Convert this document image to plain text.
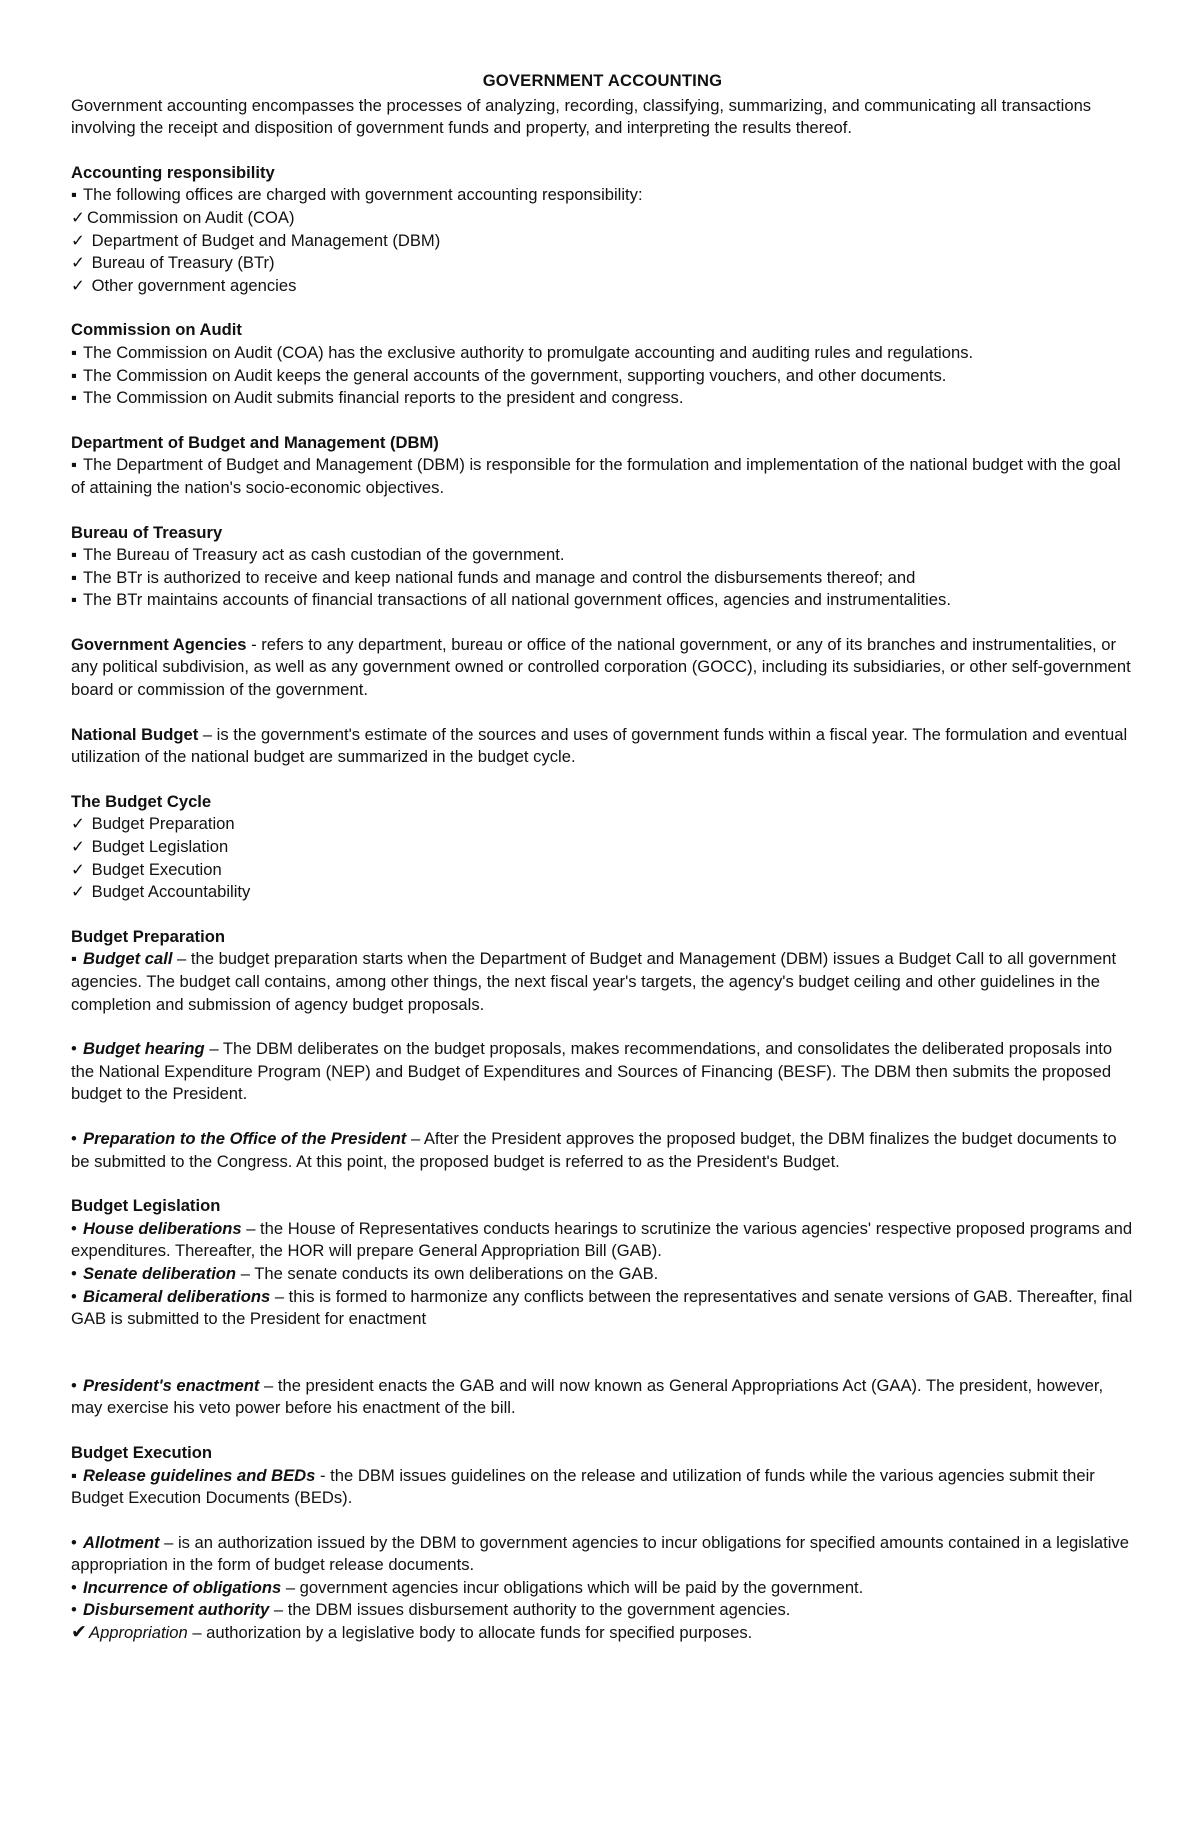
GOVERNMENT ACCOUNTING

Government accounting encompasses the processes of analyzing, recording, classifying, summarizing, and communicating all transactions involving the receipt and disposition of government funds and property, and interpreting the results thereof.

Accounting responsibility

▪ The following offices are charged with government accounting responsibility:

✓ Commission on Audit (COA)

✓ Department of Budget and Management (DBM)

✓ Bureau of Treasury (BTr)

✓ Other government agencies

Commission on Audit

▪ The Commission on Audit (COA) has the exclusive authority to promulgate accounting and auditing rules and regulations.

▪ The Commission on Audit keeps the general accounts of the government, supporting vouchers, and other documents.

▪ The Commission on Audit submits financial reports to the president and congress.

Department of Budget and Management (DBM)

▪ The Department of Budget and Management (DBM) is responsible for the formulation and implementation of the national budget with the goal of attaining the nation's socio-economic objectives.

Bureau of Treasury

▪ The Bureau of Treasury act as cash custodian of the government.

▪ The BTr is authorized to receive and keep national funds and manage and control the disbursements thereof; and

▪ The BTr maintains accounts of financial transactions of all national government offices, agencies and instrumentalities.

Government Agencies - refers to any department, bureau or office of the national government, or any of its branches and instrumentalities, or any political subdivision, as well as any government owned or controlled corporation (GOCC), including its subsidiaries, or other self-government board or commission of the government.

National Budget – is the government's estimate of the sources and uses of government funds within a fiscal year. The formulation and eventual utilization of the national budget are summarized in the budget cycle.

The Budget Cycle

✓ Budget Preparation

✓ Budget Legislation

✓ Budget Execution

✓ Budget Accountability

Budget Preparation

▪ Budget call – the budget preparation starts when the Department of Budget and Management (DBM) issues a Budget Call to all government agencies. The budget call contains, among other things, the next fiscal year's targets, the agency's budget ceiling and other guidelines in the completion and submission of agency budget proposals.

• Budget hearing – The DBM deliberates on the budget proposals, makes recommendations, and consolidates the deliberated proposals into the National Expenditure Program (NEP) and Budget of Expenditures and Sources of Financing (BESF). The DBM then submits the proposed budget to the President.

• Preparation to the Office of the President – After the President approves the proposed budget, the DBM finalizes the budget documents to be submitted to the Congress. At this point, the proposed budget is referred to as the President's Budget.

Budget Legislation

• House deliberations – the House of Representatives conducts hearings to scrutinize the various agencies' respective proposed programs and expenditures. Thereafter, the HOR will prepare General Appropriation Bill (GAB).

• Senate deliberation – The senate conducts its own deliberations on the GAB.

• Bicameral deliberations – this is formed to harmonize any conflicts between the representatives and senate versions of GAB. Thereafter, final GAB is submitted to the President for enactment

• President's enactment – the president enacts the GAB and will now known as General Appropriations Act (GAA). The president, however, may exercise his veto power before his enactment of the bill.

Budget Execution

▪ Release guidelines and BEDs - the DBM issues guidelines on the release and utilization of funds while the various agencies submit their Budget Execution Documents (BEDs).

• Allotment – is an authorization issued by the DBM to government agencies to incur obligations for specified amounts contained in a legislative appropriation in the form of budget release documents.

• Incurrence of obligations – government agencies incur obligations which will be paid by the government.

• Disbursement authority – the DBM issues disbursement authority to the government agencies.

✔ Appropriation – authorization by a legislative body to allocate funds for specified purposes.
